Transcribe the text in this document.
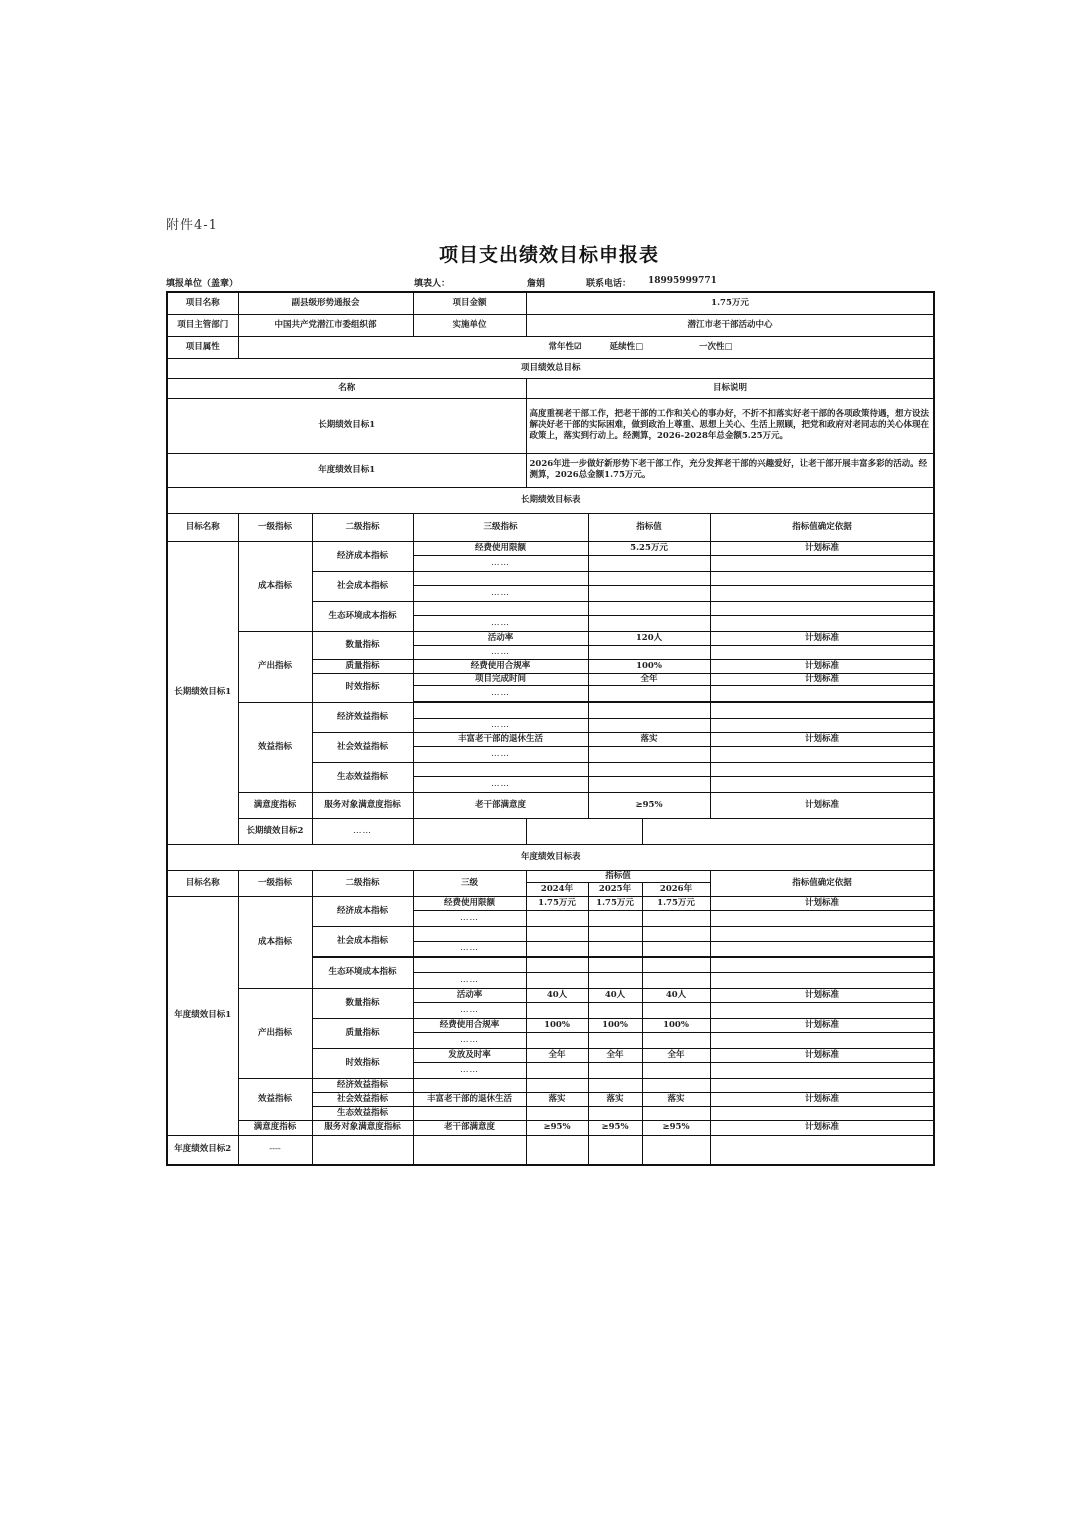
附件4-1
项目支出绩效目标申报表
填报单位（盖章）	填表人：	詹娟	联系电话： 18995999771
项目名称	副县级形势通报会		项目金额	1.75万元				
项目主管部门	中国共产党潜江市委组织部		实施单位	潜江市老干部活动中心				
项目属性	常年性☑ 延续性□ 一次性□							
项目绩效总目标								
名称				目标说明				
长期绩效目标1				高度重视老干部工作，把老干部的工作和关心的事办好，不折不扣落实好老干部的各项政策待遇，想方设法解决好老干部的实际困难，做到政治上尊重、思想上关心、生活上照顾，把党和政府对老同志的关心体现在政策上，落实到行动上。经测算，2026-2028年总金额5.25万元。				
年度绩效目标1				2026年进一步做好新形势下老干部工作，充分发挥老干部的兴趣爱好，让老干部开展丰富多彩的活动。经测算，2026总金额1.75万元。				
长期绩效目标表								
目标名称	一级指标	二级指标	三级指标		指标值		指标值确定依据	
长期绩效目标1	成本指标	经济成本指标	经费使用限额		5.25万元		计划标准	
			……					
		社会成本指标						
			……					
		生态环境成本指标						
			……					
	产出指标	数量指标	活动率		120人		计划标准	
			……					
		质量指标	经费使用合规率		100%		计划标准	
		时效指标	项目完成时间		全年		计划标准	
			……					

	效益指标	经济效益指标						
			……					
		社会效益指标	丰富老干部的退休生活		落实		计划标准	
			……					
		生态效益指标						
			……					
	满意度指标	服务对象满意度指标	老干部满意度		≥95%		计划标准	
	长期绩效目标2	……						
年度绩效目标表								
目标名称	一级指标	二级指标	三级	指标值			指标值确定依据	
				2024年	2025年	2026年		
年度绩效目标1	成本指标	经济成本指标	经费使用限额	1.75万元	1.75万元	1.75万元	计划标准	
			……					
		社会成本指标						
			……					
		生态环境成本指标						
			……					
	产出指标	数量指标	活动率	40人	40人	40人	计划标准	
			……					
		质量指标	经费使用合规率	100%	100%	100%	计划标准	
			……					
		时效指标	发放及时率	全年	全年	全年	计划标准	
			……					
	效益指标	经济效益指标						
		社会效益指标	丰富老干部的退休生活	落实	落实	落实	计划标准	
		生态效益指标						
	满意度指标	服务对象满意度指标	老干部满意度	≥95%	≥95%	≥95%	计划标准	
年度绩效目标2	----							
